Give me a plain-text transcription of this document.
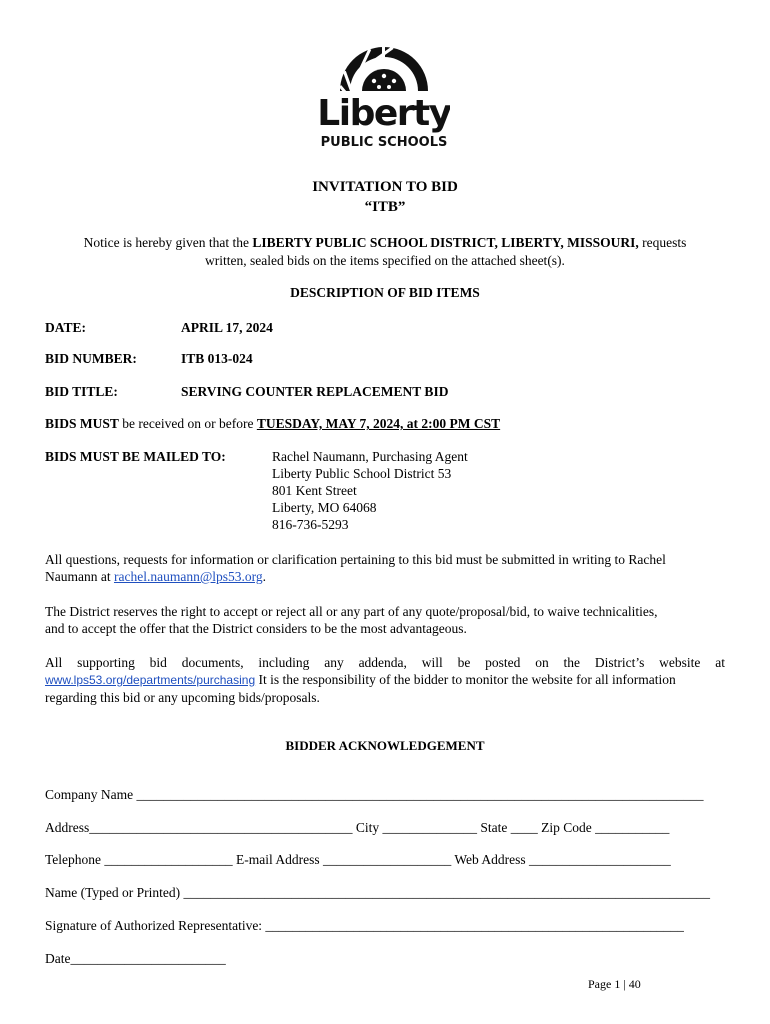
Liberty
PUBLIC SCHOOLS
INVITATION TO BID
“ITB”
Notice is hereby given that the LIBERTY PUBLIC SCHOOL DISTRICT, LIBERTY, MISSOURI, requests
written, sealed bids on the items specified on the attached sheet(s).
DESCRIPTION OF BID ITEMS
DATE:	APRIL 17, 2024
BID NUMBER:	ITB 013-024
BID TITLE:	SERVING COUNTER REPLACEMENT BID
BIDS MUST be received on or before TUESDAY, MAY 7, 2024, at 2:00 PM CST
BIDS MUST BE MAILED TO:	Rachel Naumann, Purchasing Agent
Liberty Public School District 53
801 Kent Street
Liberty, MO 64068
816-736-5293
All questions, requests for information or clarification pertaining to this bid must be submitted in writing to Rachel
Naumann at rachel.naumann@lps53.org.
The District reserves the right to accept or reject all or any part of any quote/proposal/bid, to waive technicalities,
and to accept the offer that the District considers to be the most advantageous.
All supporting bid documents, including any addenda, will be posted on the District’s website at
www.lps53.org/departments/purchasing It is the responsibility of the bidder to monitor the website for all information
regarding this bid or any upcoming bids/proposals.
BIDDER ACKNOWLEDGEMENT
Company Name ____________________________________________________________________________________
Address_______________________________________ City ______________ State ____ Zip Code ___________
Telephone ___________________ E-mail Address ___________________ Web Address _____________________
Name (Typed or Printed) ______________________________________________________________________________
Signature of Authorized Representative: ______________________________________________________________
Date_______________________
Page 1 | 40
